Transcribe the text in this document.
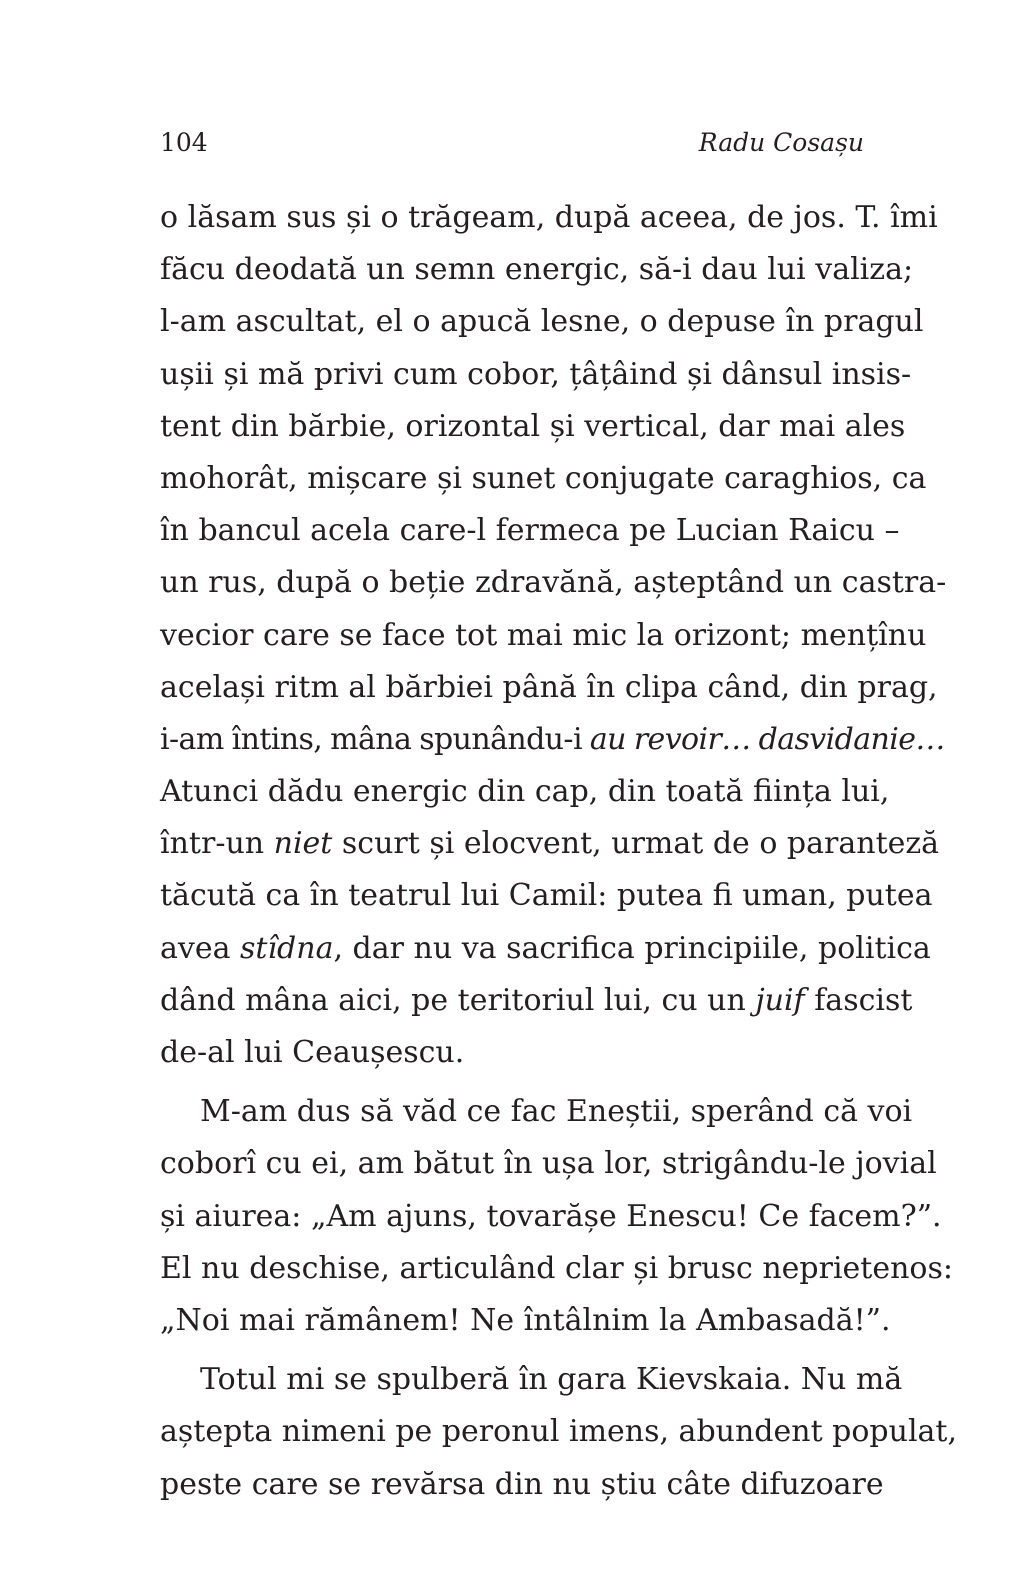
104	Radu Cosașu
o lăsam sus și o trăgeam, după aceea, de jos. T. îmi
făcu deodată un semn energic, să-i dau lui valiza;
l-am ascultat, el o apucă lesne, o depuse în pragul
ușii și mă privi cum cobor, țâțâind și dânsul insis-
tent din bărbie, orizontal și vertical, dar mai ales
mohorât, mișcare și sunet conjugate caraghios, ca
în bancul acela care-l fermeca pe Lucian Raicu –
un rus, după o beție zdravănă, așteptând un castra-
vecior care se face tot mai mic la orizont; mențînu
același ritm al bărbiei până în clipa când, din prag,
i-am întins, mâna spunându-i au revoir… dasvidanie…
Atunci dădu energic din cap, din toată ființa lui,
într-un niet scurt și elocvent, urmat de o paranteză
tăcută ca în teatrul lui Camil: putea fi uman, putea
avea stîdna, dar nu va sacrifica principiile, politica
dând mâna aici, pe teritoriul lui, cu un juif fascist
de-al lui Ceaușescu.
M-am dus să văd ce fac Eneștii, sperând că voi
coborî cu ei, am bătut în ușa lor, strigându-le jovial
și aiurea: „Am ajuns, tovarășe Enescu! Ce facem?”.
El nu deschise, articulând clar și brusc neprietenos:
„Noi mai rămânem! Ne întâlnim la Ambasadă!”.
Totul mi se spulberă în gara Kievskaia. Nu mă
aștepta nimeni pe peronul imens, abundent populat,
peste care se revărsa din nu știu câte difuzoare
